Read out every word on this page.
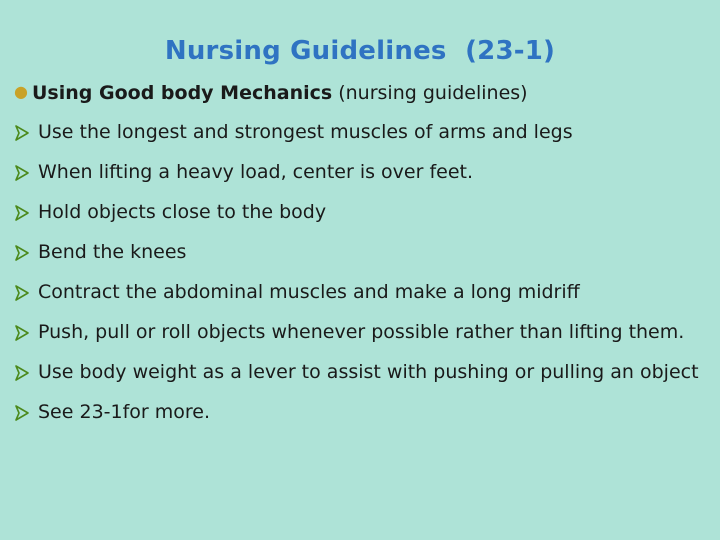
Nursing Guidelines  (23-1)
● Using Good body Mechanics (nursing guidelines)
Use the longest and strongest muscles of arms and legs
When lifting a heavy load, center is over feet.
Hold objects close to the body
Bend the knees
Contract the abdominal muscles and make a long midriff
Push, pull or roll objects whenever possible rather than lifting them.
Use body weight as a lever to assist with pushing or pulling an object
See 23-1for more.
